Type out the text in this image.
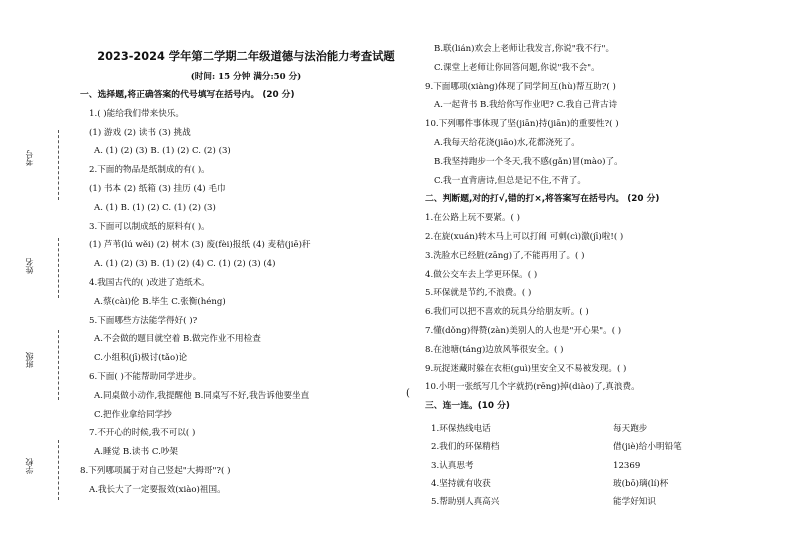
考号
姓名
班级
学校
2023-2024 学年第二学期二年级道德与法治能力考查试题
(时间: 15 分钟 满分:50 分)
一、选择题,将正确答案的代号填写在括号内。 (20 分)
1.( )能给我们带来快乐。
(1) 游戏 (2) 读书 (3) 挑战
A. (1) (2) (3) B. (1) (2) C. (2) (3)
2.下面的物品是纸制成的有( )。
(1) 书本 (2) 纸箱 (3) 挂历 (4) 毛巾
A. (1) B. (1) (2) C. (1) (2) (3)
3.下面可以制成纸的原料有( )。
(1) 芦苇(lú wěi) (2) 树木 (3) 废(fèi)报纸 (4) 麦秸(jiē)秆
A. (1) (2) (3) B. (1) (2) (4) C. (1) (2) (3) (4)
4.我国古代的( )改进了造纸术。
A.蔡(cài)伦 B.毕生 C.张衡(héng)
5.下面哪些方法能学得好( )?
A.不会做的题目就空着 B.做完作业不用检查
C.小组积(jī)极讨(tǎo)论
6.下面( )不能帮助同学进步。
A.同桌做小动作,我提醒他 B.同桌写不好,我告诉他要坐直
C.把作业拿给同学抄
7.不开心的时候,我不可以( )
A.睡觉 B.读书 C.吵架
8.下列哪项属于对自己竖起"大拇哥"?( )
A.我长大了一定要报效(xiào)祖国。
B.联(lián)欢会上老师让我发言,你说"我不行"。
C.课堂上老师让你回答问题,你说"我不会"。
9.下面哪项(xiàng)体现了同学间互(hù)帮互助?( )
A.一起背书 B.我给你写作业吧? C.我自己背古诗
10.下列哪件事体现了坚(jiān)持(jiān)的重要性?( )
A.我每天给花浇(jiāo)水,花都浇死了。
B.我坚持跑步一个冬天,我不感(gǎn)冒(mào)了。
C.我一直背唐诗,但总是记不住,不背了。
二、判断题,对的打√,错的打×,将答案写在括号内。 (20 分)
1.在公路上玩不要紧。( )
2.在旋(xuán)转木马上可以打闹 可刺(cì)激(jī)啦!( )
3.洗脸水已经脏(zāng)了,不能再用了。( )
4.做公交车去上学更环保。( )
5.环保就是节约,不浪费。( )
6.我们可以把不喜欢的玩具分给朋友听。( )
7.懂(dǒng)得赞(zàn)美别人的人也是"开心果"。( )
8.在池塘(táng)边放风筝很安全。( )
9.玩捉迷藏时躲在衣柜(guì)里安全又不易被发现。( )
10.小明一张纸写几个字就扔(rēng)掉(diào)了,真浪费。
三、连一连。(10 分)
(
1.环保热线电话	每天跑步
2.我们的环保精档	借(jiè)给小明铅笔
3.认真思考	12369
4.坚持就有收获	玻(bō)璃(lí)杯
5.帮助别人真高兴	能学好知识
